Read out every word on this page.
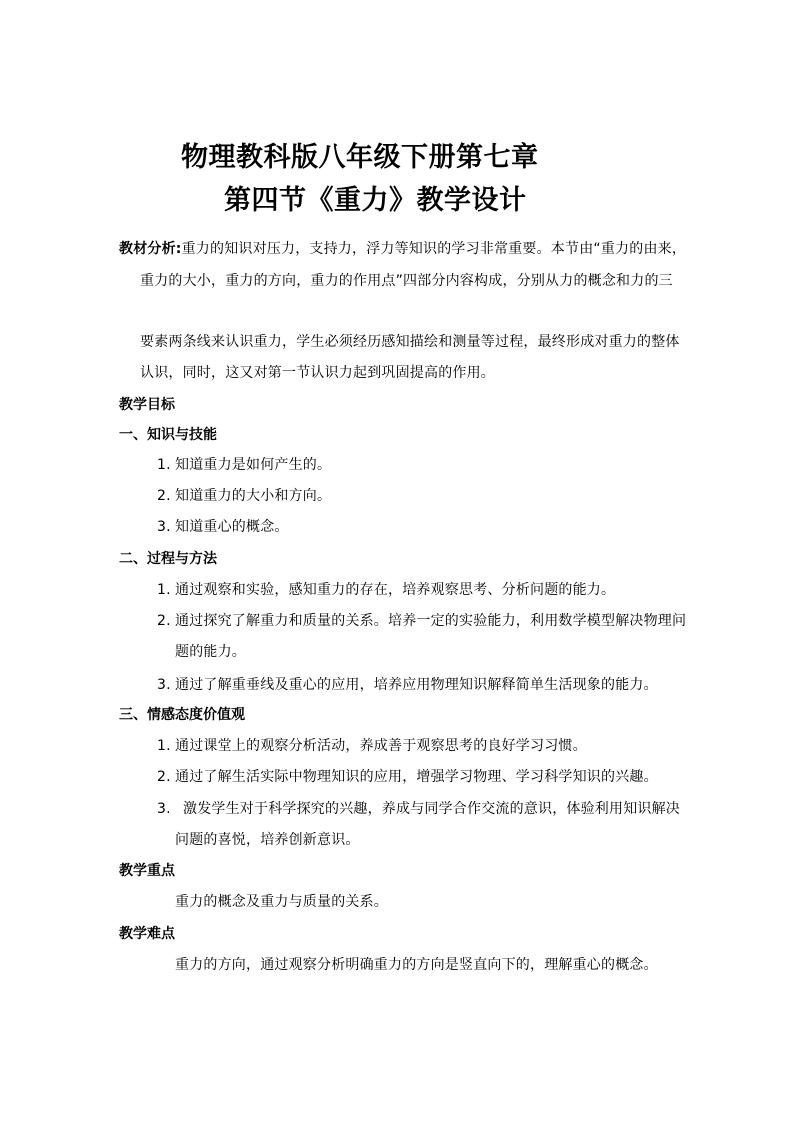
物理教科版八年级下册第七章
第四节《重力》教学设计
教材分析:重力的知识对压力，支持力，浮力等知识的学习非常重要。本节由“重力的由来，
重力的大小，重力的方向，重力的作用点”四部分内容构成，分别从力的概念和力的三
要素两条线来认识重力，学生必须经历感知描绘和测量等过程，最终形成对重力的整体
认识，同时，这又对第一节认识力起到巩固提高的作用。
教学目标
一、知识与技能
1. 知道重力是如何产生的。
2. 知道重力的大小和方向。
3. 知道重心的概念。
二、过程与方法
1. 通过观察和实验，感知重力的存在，培养观察思考、分析问题的能力。
2. 通过探究了解重力和质量的关系。培养一定的实验能力，利用数学模型解决物理问
题的能力。
3. 通过了解重垂线及重心的应用，培养应用物理知识解释简单生活现象的能力。
三、情感态度价值观
1. 通过课堂上的观察分析活动，养成善于观察思考的良好学习习惯。
2. 通过了解生活实际中物理知识的应用，增强学习物理、学习科学知识的兴趣。
3. 激发学生对于科学探究的兴趣，养成与同学合作交流的意识，体验利用知识解决
问题的喜悦，培养创新意识。
教学重点
重力的概念及重力与质量的关系。
教学难点
重力的方向，通过观察分析明确重力的方向是竖直向下的，理解重心的概念。
